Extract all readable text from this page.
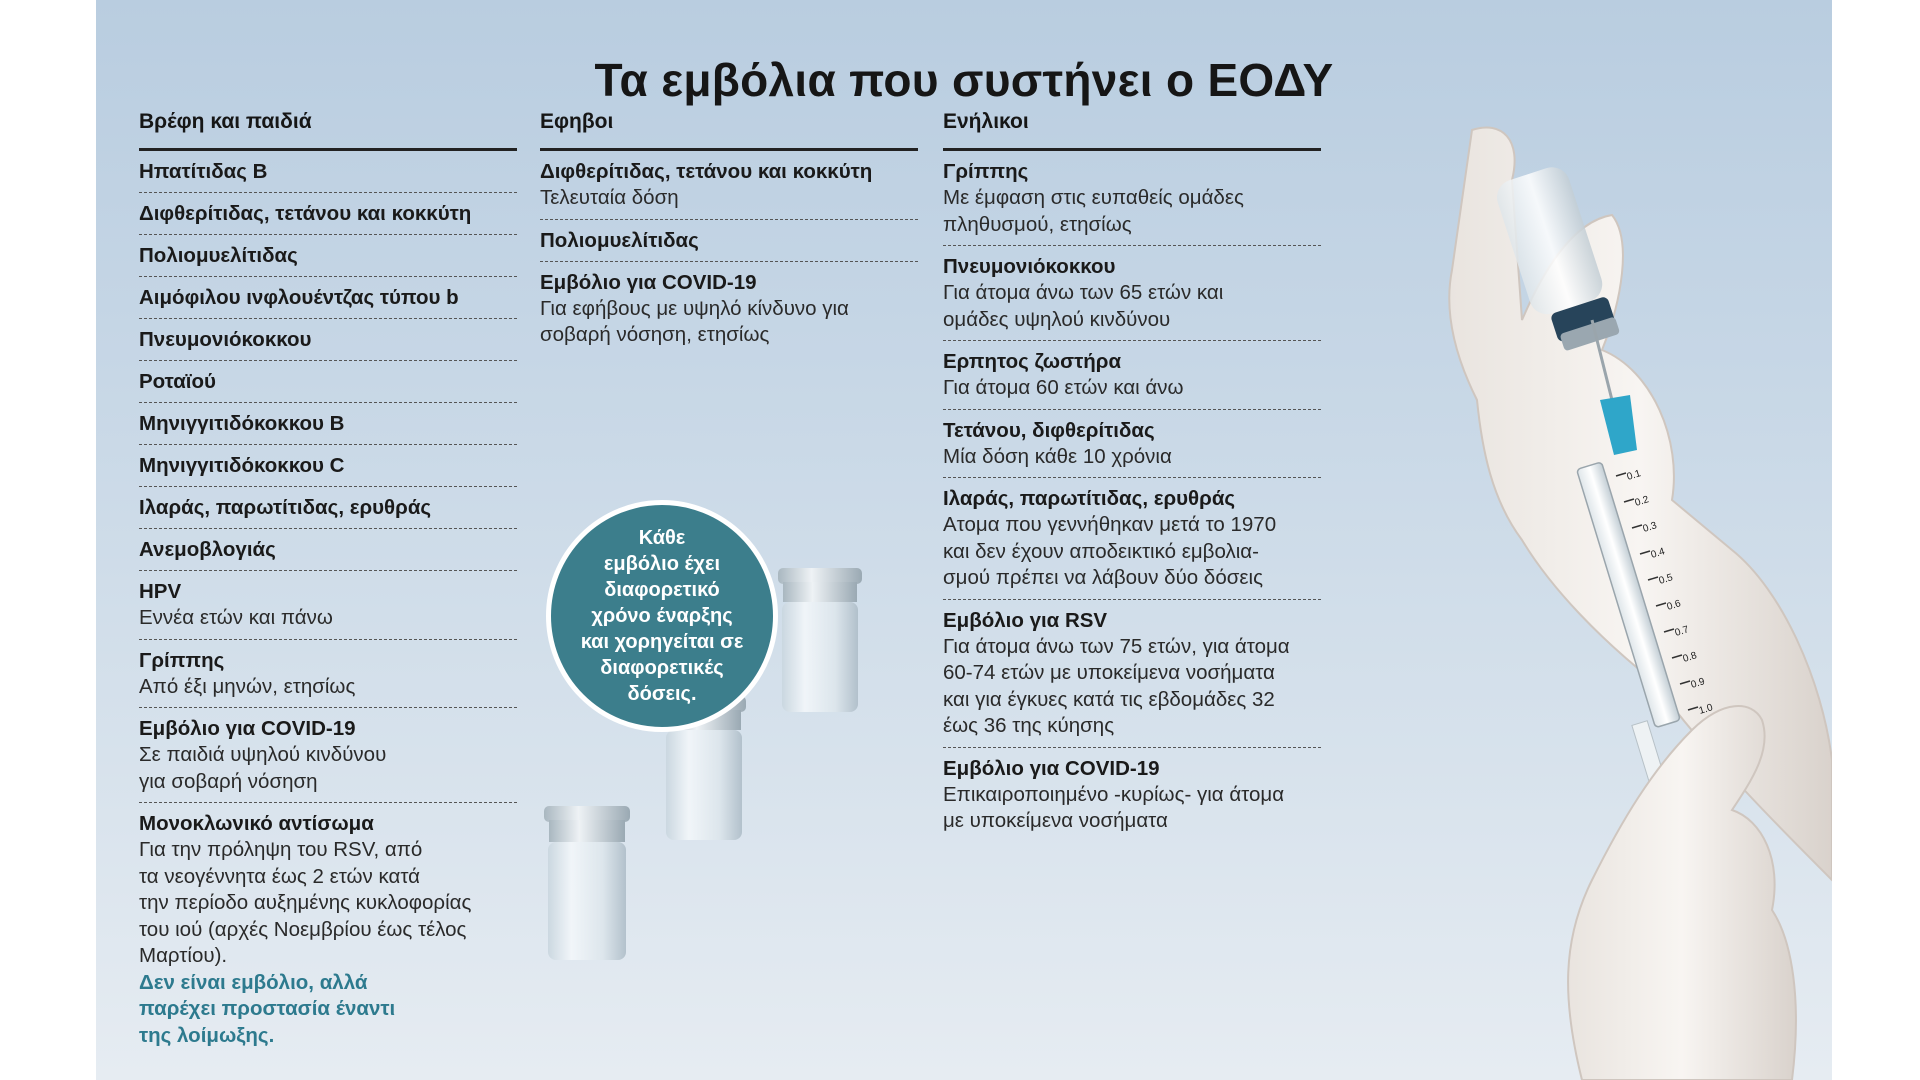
0.1
0.2
0.3
0.4
0.5
0.6
0.7
0.8
0.9
1.0
Τα εμβόλια που συστήνει ο ΕΟΔΥ
Βρέφη και παιδιά
Ηπατίτιδας Β
Διφθερίτιδας, τετάνου και κοκκύτη
Πολιομυελίτιδας
Αιμόφιλου ινφλουέντζας τύπου b
Πνευμονιόκοκκου
Ροταϊού
Μηνιγγιτιδόκοκκου Β
Μηνιγγιτιδόκοκκου C
Ιλαράς, παρωτίτιδας, ερυθράς
Ανεμοβλογιάς
HPV
Εννέα ετών και πάνω
Γρίππης
Από έξι μηνών, ετησίως
Εμβόλιο για COVID-19
Σε παιδιά υψηλού κινδύνου
για σοβαρή νόσηση
Μονοκλωνικό αντίσωμα
Για την πρόληψη του RSV, από
τα νεογέννητα έως 2 ετών κατά
την περίοδο αυξημένης κυκλοφορίας
του ιού (αρχές Νοεμβρίου έως τέλος
Μαρτίου).
Δεν είναι εμβόλιο, αλλά
παρέχει προστασία έναντι
της λοίμωξης.
Εφηβοι
Διφθερίτιδας, τετάνου και κοκκύτη
Τελευταία δόση
Πολιομυελίτιδας
Εμβόλιο για COVID-19
Για εφήβους με υψηλό κίνδυνο για
σοβαρή νόσηση, ετησίως
Ενήλικοι
Γρίππης
Με έμφαση στις ευπαθείς ομάδες
πληθυσμού, ετησίως
Πνευμονιόκοκκου
Για άτομα άνω των 65 ετών και
ομάδες υψηλού κινδύνου
Ερπητος ζωστήρα
Για άτομα 60 ετών και άνω
Τετάνου, διφθερίτιδας
Μία δόση κάθε 10 χρόνια
Ιλαράς, παρωτίτιδας, ερυθράς
Ατομα που γεννήθηκαν μετά το 1970
και δεν έχουν αποδεικτικό εμβολια-
σμού πρέπει να λάβουν δύο δόσεις
Εμβόλιο για RSV
Για άτομα άνω των 75 ετών, για άτομα
60-74 ετών με υποκείμενα νοσήματα
και για έγκυες κατά τις εβδομάδες 32
έως 36 της κύησης
Εμβόλιο για COVID-19
Επικαιροποιημένο -κυρίως- για άτομα
με υποκείμενα νοσήματα
Κάθε
εμβόλιο έχει
διαφορετικό
χρόνο έναρξης
και χορηγείται σε
διαφορετικές
δόσεις.
